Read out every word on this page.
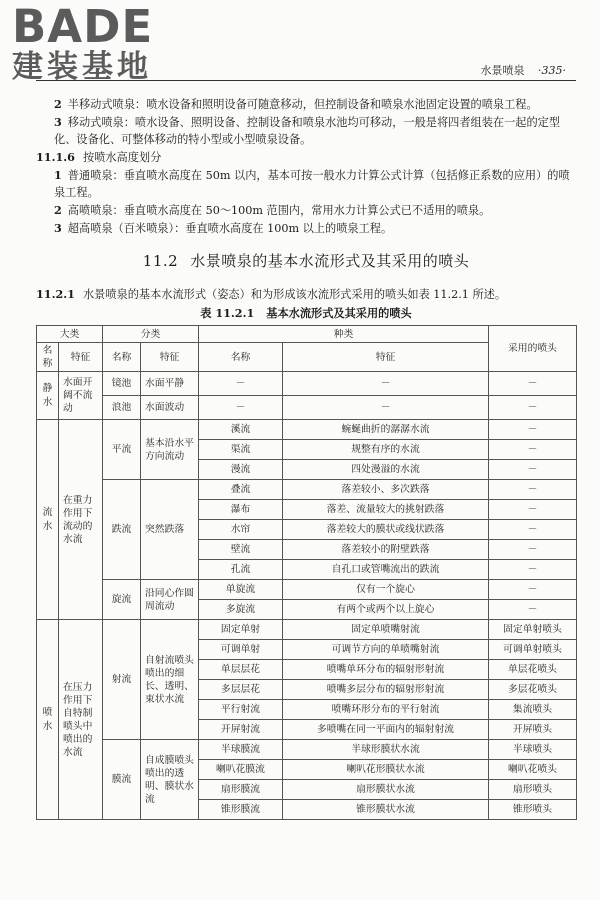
BADE
建装基地	水景喷泉 ·335·

2 半移动式喷泉：喷水设备和照明设备可随意移动，但控制设备和喷泉水池固定设置的喷泉工程。

3 移动式喷泉：喷水设备、照明设备、控制设备和喷泉水池均可移动，一般是将四者组装在一起的定型化、设备化、可整体移动的特小型或小型喷泉设备。

11.1.6 按喷水高度划分

1 普通喷泉：垂直喷水高度在 50m 以内，基本可按一般水力计算公式计算（包括修正系数的应用）的喷泉工程。

2 高喷喷泉：垂直喷水高度在 50～100m 范围内，常用水力计算公式已不适用的喷泉。

3 超高喷泉（百米喷泉）：垂直喷水高度在 100m 以上的喷泉工程。

11.2 水景喷泉的基本水流形式及其采用的喷头

11.2.1 水景喷泉的基本水流形式（姿态）和为形成该水流形式采用的喷头如表 11.2.1 所述。

表 11.2.1 基本水流形式及其采用的喷头
大类		分类		种类		采用的喷头
名称	特征	名称	特征	名称	特征	
静水	水面开阔不流动	镜池	水面平静	－	－	－
		浪池	水面波动	－	－	－
流水	在重力作用下流动的水流	平流	基本沿水平方向流动	溪流	蜿蜒曲折的潺潺水流	－
				渠流	规整有序的水流	－
				漫流	四处漫溢的水流	－
		跌流	突然跌落	叠流	落差较小、多次跌落	－
				瀑布	落差、流量较大的挑射跌落	－
				水帘	落差较大的膜状或线状跌落	－
				壁流	落差较小的附壁跌落	－
				孔流	自孔口或管嘴流出的跌流	－
		旋流	沿同心作圆周流动	单旋流	仅有一个旋心	－
				多旋流	有两个或两个以上旋心	－
喷水	在压力作用下自特制喷头中喷出的水流	射流	自射流喷头喷出的细长、透明、束状水流	固定单射	固定单喷嘴射流	固定单射喷头
				可调单射	可调节方向的单喷嘴射流	可调单射喷头
				单层层花	喷嘴单环分布的辐射形射流	单层花喷头
				多层层花	喷嘴多层分布的辐射形射流	多层花喷头
				平行射流	喷嘴环形分布的平行射流	集流喷头
				开屏射流	多喷嘴在同一平面内的辐射射流	开屏喷头
		膜流	自成膜喷头喷出的透明、膜状水流	半球膜流	半球形膜状水流	半球喷头
				喇叭花膜流	喇叭花形膜状水流	喇叭花喷头
				扇形膜流	扇形膜状水流	扇形喷头
				锥形膜流	锥形膜状水流	锥形喷头
